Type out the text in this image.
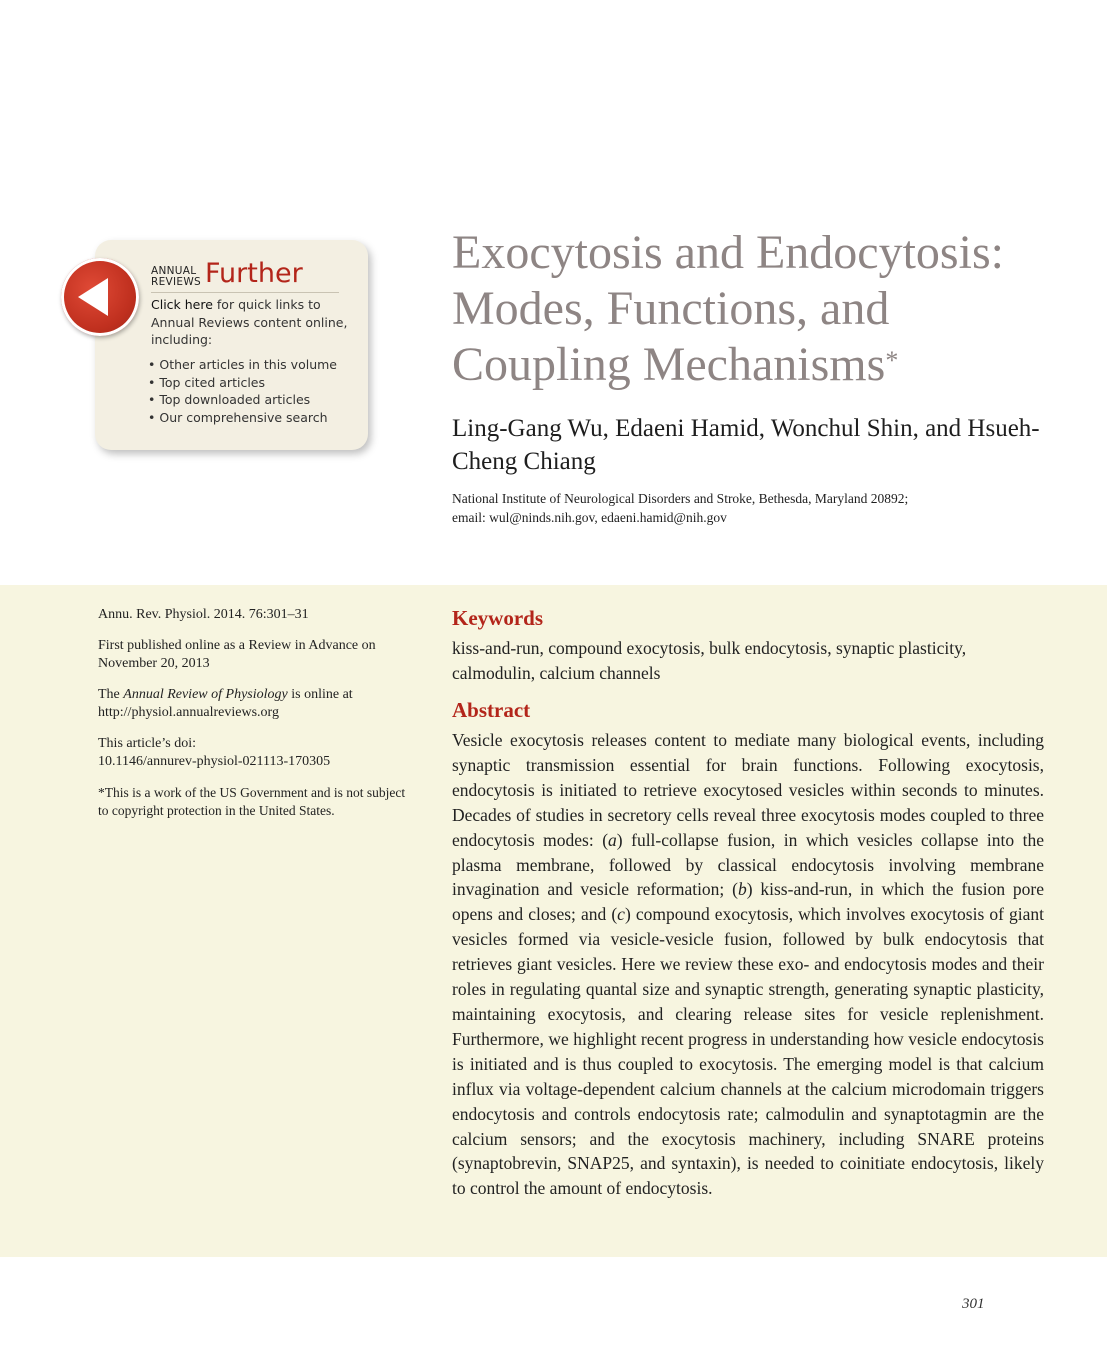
ANNUAL
REVIEWS Further
Click here for quick links to Annual Reviews content online, including:
• Other articles in this volume
• Top cited articles
• Top downloaded articles
• Our comprehensive search
Exocytosis and Endocytosis: Modes, Functions, and Coupling Mechanisms*

Ling-Gang Wu, Edaeni Hamid, Wonchul Shin, and Hsueh-Cheng Chiang

National Institute of Neurological Disorders and Stroke, Bethesda, Maryland 20892;
email: wul@ninds.nih.gov, edaeni.hamid@nih.gov

Annu. Rev. Physiol. 2014. 76:301–31

First published online as a Review in Advance on November 20, 2013

The Annual Review of Physiology is online at http://physiol.annualreviews.org

This article’s doi:
10.1146/annurev-physiol-021113-170305

*This is a work of the US Government and is not subject to copyright protection in the United States.

Keywords

kiss-and-run, compound exocytosis, bulk endocytosis, synaptic plasticity, calmodulin, calcium channels

Abstract

Vesicle exocytosis releases content to mediate many biological events, including synaptic transmission essential for brain functions. Following exocytosis, endocytosis is initiated to retrieve exocytosed vesicles within seconds to minutes. Decades of studies in secretory cells reveal three exocytosis modes coupled to three endocytosis modes: (a) full-collapse fusion, in which vesicles collapse into the plasma membrane, followed by classical endocytosis involving membrane invagination and vesicle reformation; (b) kiss-and-run, in which the fusion pore opens and closes; and (c) compound exocytosis, which involves exocytosis of giant vesicles formed via vesicle-vesicle fusion, followed by bulk endocytosis that retrieves giant vesicles. Here we review these exo- and endocytosis modes and their roles in regulating quantal size and synaptic strength, generating synaptic plasticity, maintaining exocytosis, and clearing release sites for vesicle replenishment. Furthermore, we highlight recent progress in understanding how vesicle endocytosis is initiated and is thus coupled to exocytosis. The emerging model is that calcium influx via voltage-dependent calcium channels at the calcium microdomain triggers endocytosis and controls endocytosis rate; calmodulin and synaptotagmin are the calcium sensors; and the exocytosis machinery, including SNARE proteins (synaptobrevin, SNAP25, and syntaxin), is needed to coinitiate endocytosis, likely to control the amount of endocytosis.

301
